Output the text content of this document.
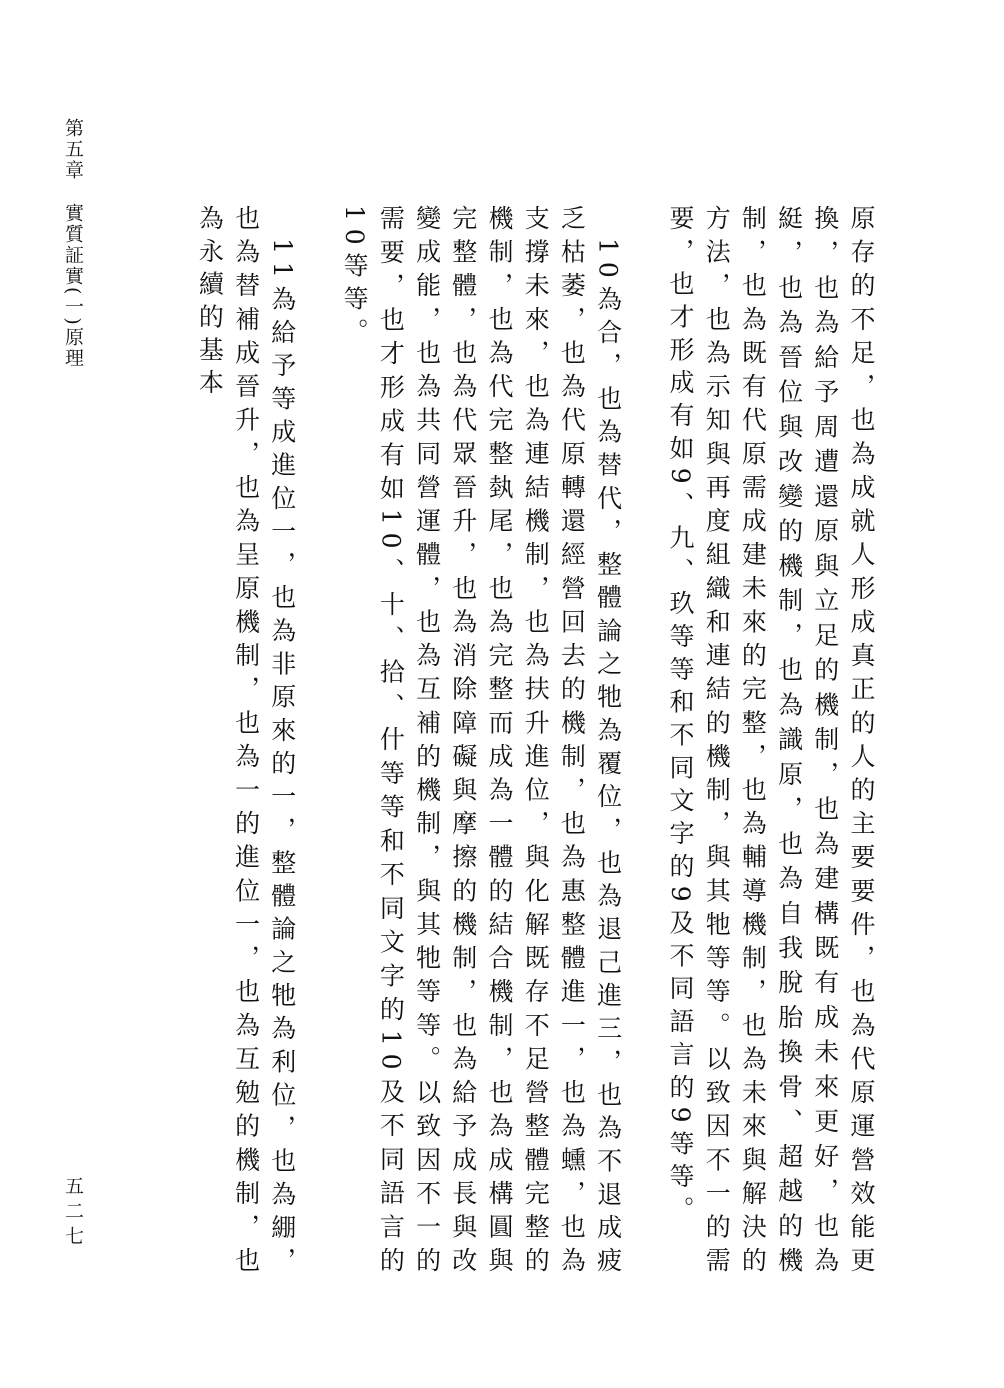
第五章實質証實(一)原理
五二七	原存的不足，也為成就人形成真正的人的主要要件，也為代原運營效能更換，也為給予周遭還原與立足的機制，也為建構既有成未來更好，也為綎，也為晉位與改變的機制，也為識原，也為自我脫胎換骨、超越的機制，也為既有代原需成建未來的完整，也為輔導機制，也為未來與解決的方法，也為示知與再度組織和連結的機制，與其牠等等。以致因不一的需要，也才形成有如9、九、玖等等和不同文字的9及不同語言的9等等。

　10為合，也為替代，整體論之牠為覆位，也為退己進三，也為不退成疲乏枯萎，也為代原轉還經營回去的機制，也為惠整體進一，也為䗼，也為支撐未來，也為連結機制，也為扶升進位，與化解既存不足營整體完整的機制，也為代完整埶尾，也為完整而成為一體的結合機制，也為成構圓與完整體，也為代眾晉升，也為消除障礙與摩擦的機制，也為給予成長與改變成能，也為共同營運體，也為互補的機制，與其牠等等。以致因不一的需要，也才形成有如10、十、拾、什等等和不同文字的10及不同語言的10等等。

　11為給予等成進位一，也為非原來的一，整體論之牠為利位，也為綳，也為替補成晉升，也為呈原機制，也為一的進位一，也為互勉的機制，也為永續的基本
